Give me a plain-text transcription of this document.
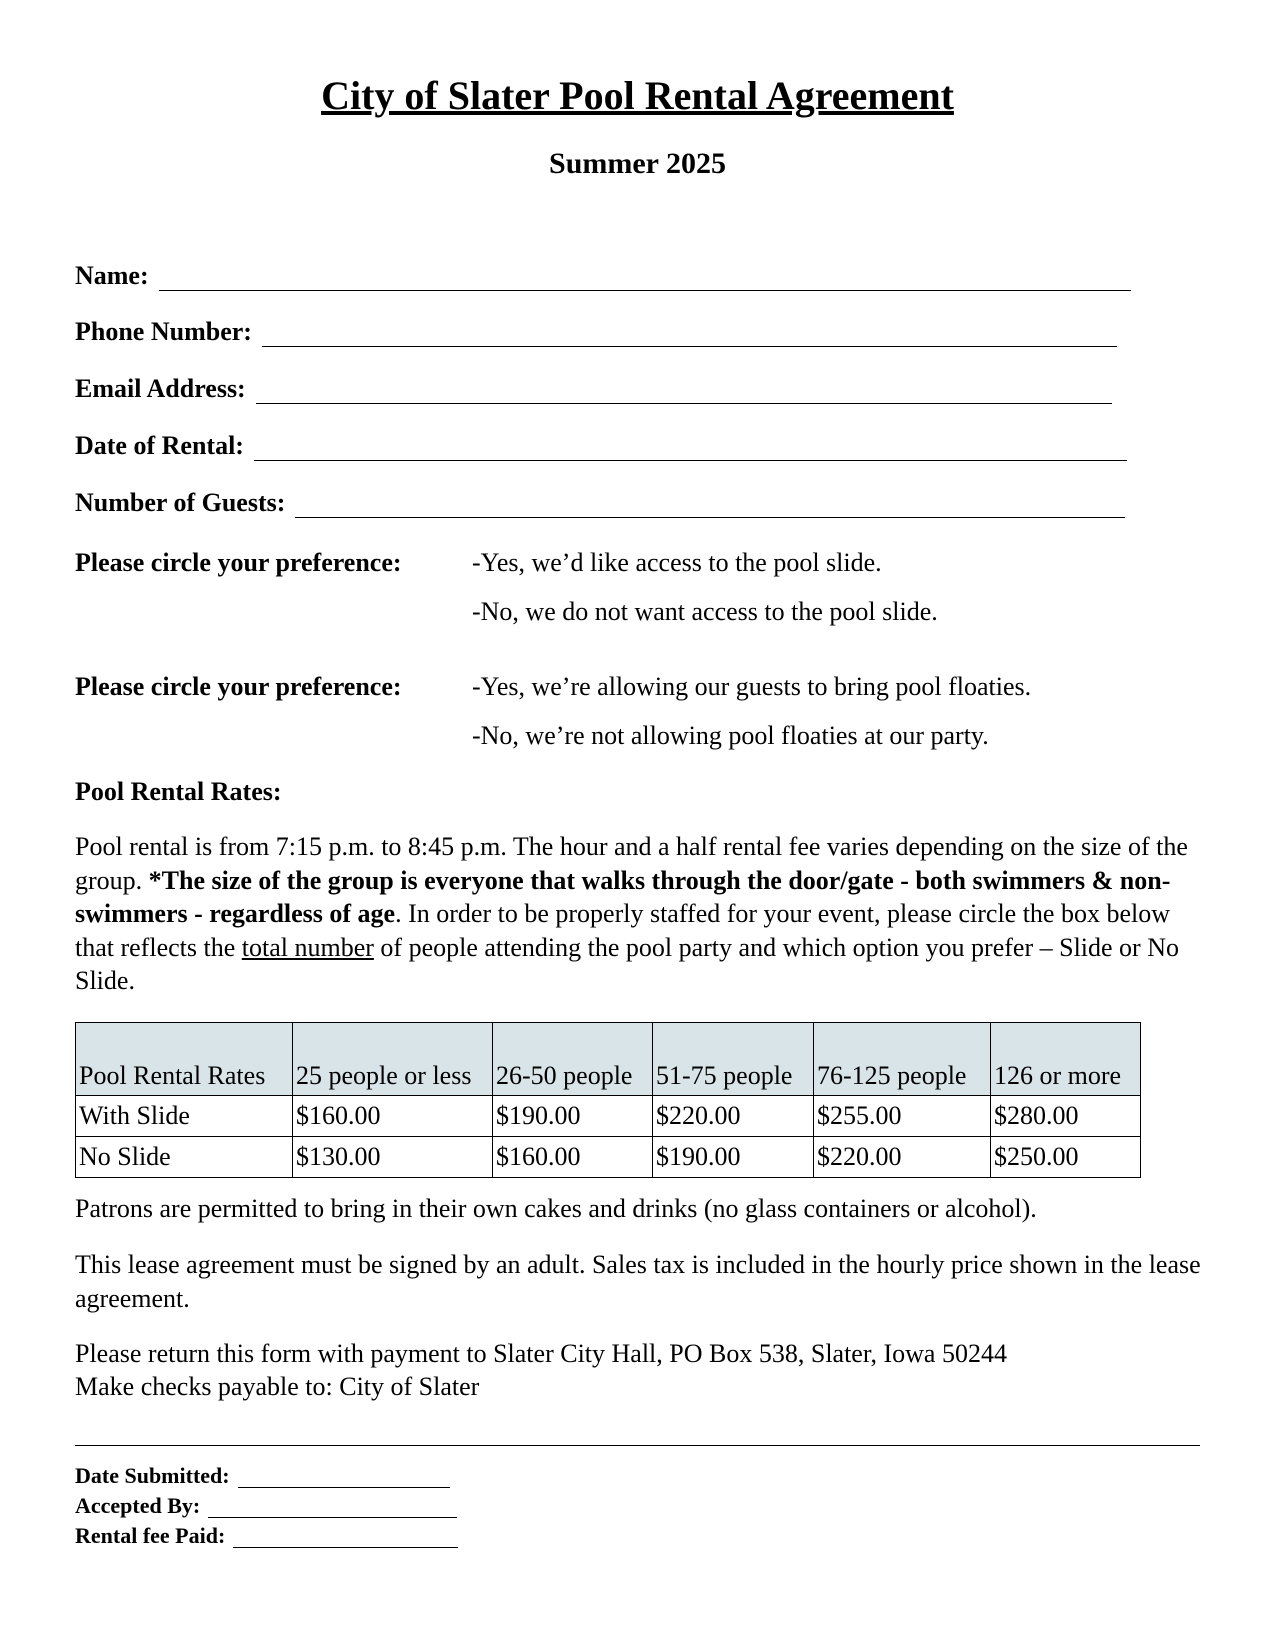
City of Slater Pool Rental Agreement
Summer 2025
Name:
Phone Number:
Email Address:
Date of Rental:
Number of Guests:
Please circle your preference:	-Yes, we’d like access to the pool slide.
-No, we do not want access to the pool slide.
Please circle your preference:	-Yes, we’re allowing our guests to bring pool floaties.
-No, we’re not allowing pool floaties at our party.
Pool Rental Rates:
Pool rental is from 7:15 p.m. to 8:45 p.m. The hour and a half rental fee varies depending on the size of the group. *The size of the group is everyone that walks through the door/gate - both swimmers & non-swimmers - regardless of age. In order to be properly staffed for your event, please circle the box below that reflects the total number of people attending the pool party and which option you prefer – Slide or No Slide.
Pool Rental Rates	25 people or less	26-50 people	51-75 people	76-125 people	126 or more
With Slide	$160.00	$190.00	$220.00	$255.00	$280.00
No Slide	$130.00	$160.00	$190.00	$220.00	$250.00
Patrons are permitted to bring in their own cakes and drinks (no glass containers or alcohol).
This lease agreement must be signed by an adult. Sales tax is included in the hourly price shown in the lease agreement.
Please return this form with payment to Slater City Hall, PO Box 538, Slater, Iowa 50244
Make checks payable to: City of Slater
Date Submitted:
Accepted By:
Rental fee Paid:
